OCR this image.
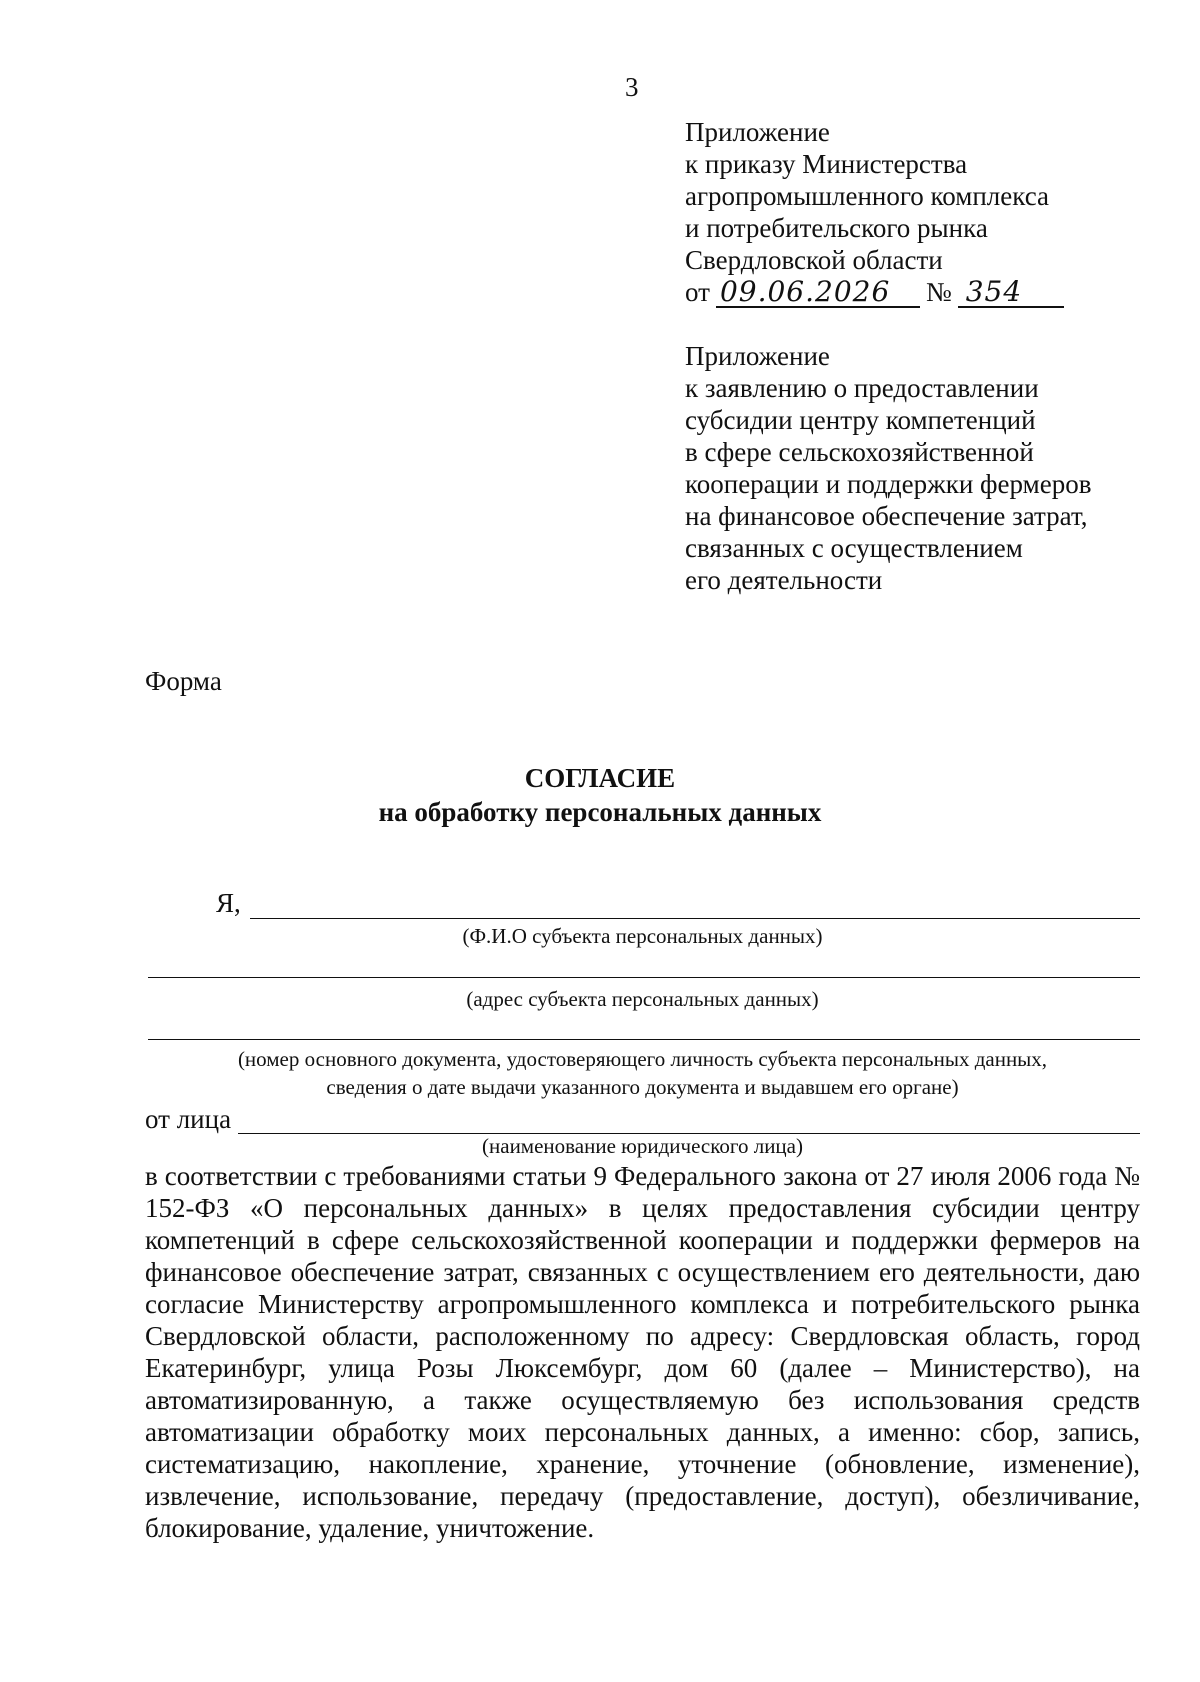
3
Приложение
к приказу Министерства
агропромышленного комплекса
и потребительского рынка
Свердловской области
от 09.06.2026 № 354
Приложение
к заявлению о предоставлении
субсидии центру компетенций
в сфере сельскохозяйственной
кооперации и поддержки фермеров
на финансовое обеспечение затрат,
связанных с осуществлением
его деятельности
Форма
СОГЛАСИЕ
на обработку персональных данных
Я,
(Ф.И.О субъекта персональных данных)
(адрес субъекта персональных данных)
(номер основного документа, удостоверяющего личность субъекта персональных данных,
сведения о дате выдачи указанного документа и выдавшем его органе)
от лица
(наименование юридического лица)
в соответствии с требованиями статьи 9 Федерального закона от 27 июля 2006 года № 152-ФЗ «О персональных данных» в целях предоставления субсидии центру компетенций в сфере сельскохозяйственной кооперации и поддержки фермеров на финансовое обеспечение затрат, связанных с осуществлением его деятельности, даю согласие Министерству агропромышленного комплекса и потребительского рынка Свердловской области, расположенному по адресу: Свердловская область, город Екатеринбург, улица Розы Люксембург, дом 60 (далее – Министерство), на автоматизированную, а также осуществляемую без использования средств автоматизации обработку моих персональных данных, а именно: сбор, запись, систематизацию, накопление, хранение, уточнение (обновление, изменение), извлечение, использование, передачу (предоставление, доступ), обезличивание, блокирование, удаление, уничтожение.
